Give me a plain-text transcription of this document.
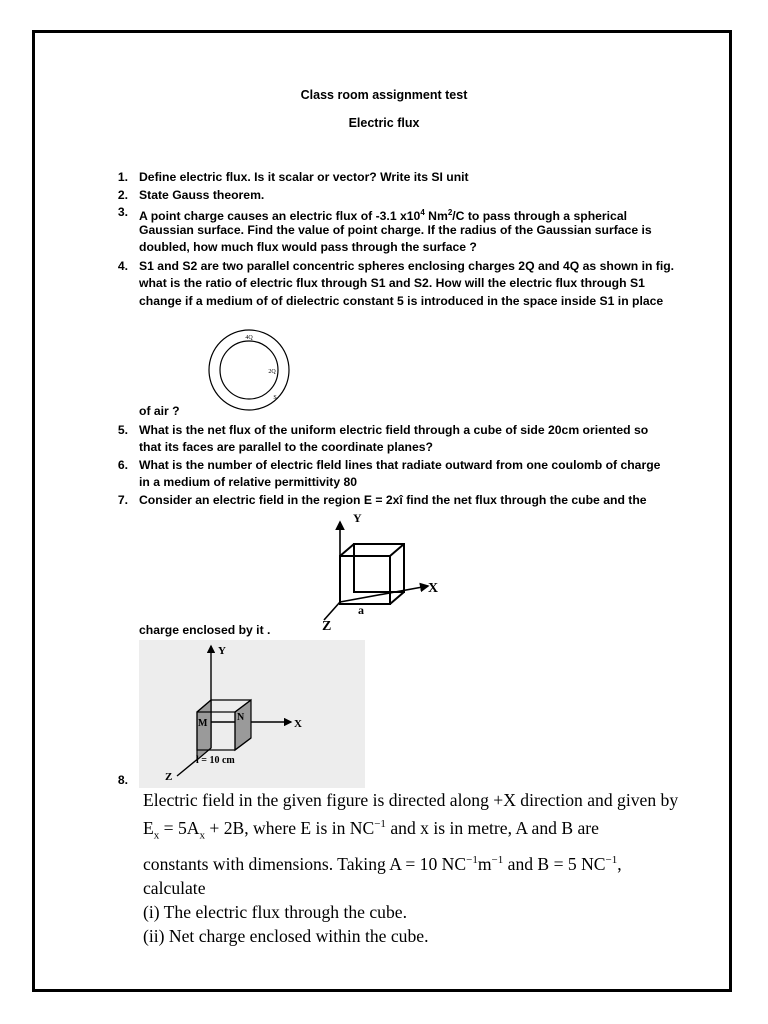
Class room assignment test
Electric flux
1. Define electric flux. Is it scalar or vector? Write its SI unit
2. State Gauss theorem.
3. A point charge causes an electric flux of -3.1 $x10^4$ Nm$^2$/C to pass through a spherical
Gaussian surface. Find the value of point charge. If the radius of the Gaussian surface is
doubled, how much flux would pass through the surface ?
4. S1 and S2 are two parallel concentric spheres enclosing charges 2Q and 4Q as shown in fig.
what is the ratio of electric flux through S1 and S2. How will the electric flux through S1
change if a medium of of dielectric constant 5 is introduced in the space inside S1 in place
4Q
2Q
S
of air ?
5. What is the net flux of the uniform electric field through a cube of side 20cm oriented so
that its faces are parallel to the coordinate planes?
6. What is the number of electric fleld lines that radiate outward from one coulomb of charge
in a medium of relative permittivity 80
7. Consider an electric field in the region E = 2xî find the net flux through the cube and the
Y
X
Z
a
charge enclosed by it .
Y
X
Z
M
N
l = 10 cm
8.
Electric field in the given figure is directed along +X direction and given by
$E_x = 5A_x + 2B$, where E is in $NC^{-1}$ and x is in metre, A and B are
constants with dimensions. Taking A = 10 $NC^{-1}m^{-1}$ and B = 5 $NC^{-1}$,
calculate
(i) The electric flux through the cube.
(ii) Net charge enclosed within the cube.
